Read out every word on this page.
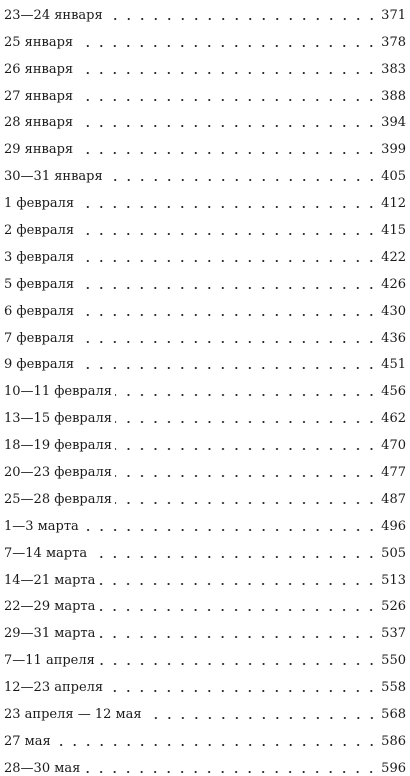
23—24 января	371
25 января	378
26 января	383
27 января	388
28 января	394
29 января	399
30—31 января	405
1 февраля	412
2 февраля	415
3 февраля	422
5 февраля	426
6 февраля	430
7 февраля	436
9 февраля	451
10—11 февраля	456
13—15 февраля	462
18—19 февраля	470
20—23 февраля	477
25—28 февраля	487
1—3 марта	496
7—14 марта	505
14—21 марта	513
22—29 марта	526
29—31 марта	537
7—11 апреля	550
12—23 апреля	558
23 апреля — 12 мая	568
27 мая	586
28—30 мая	596
